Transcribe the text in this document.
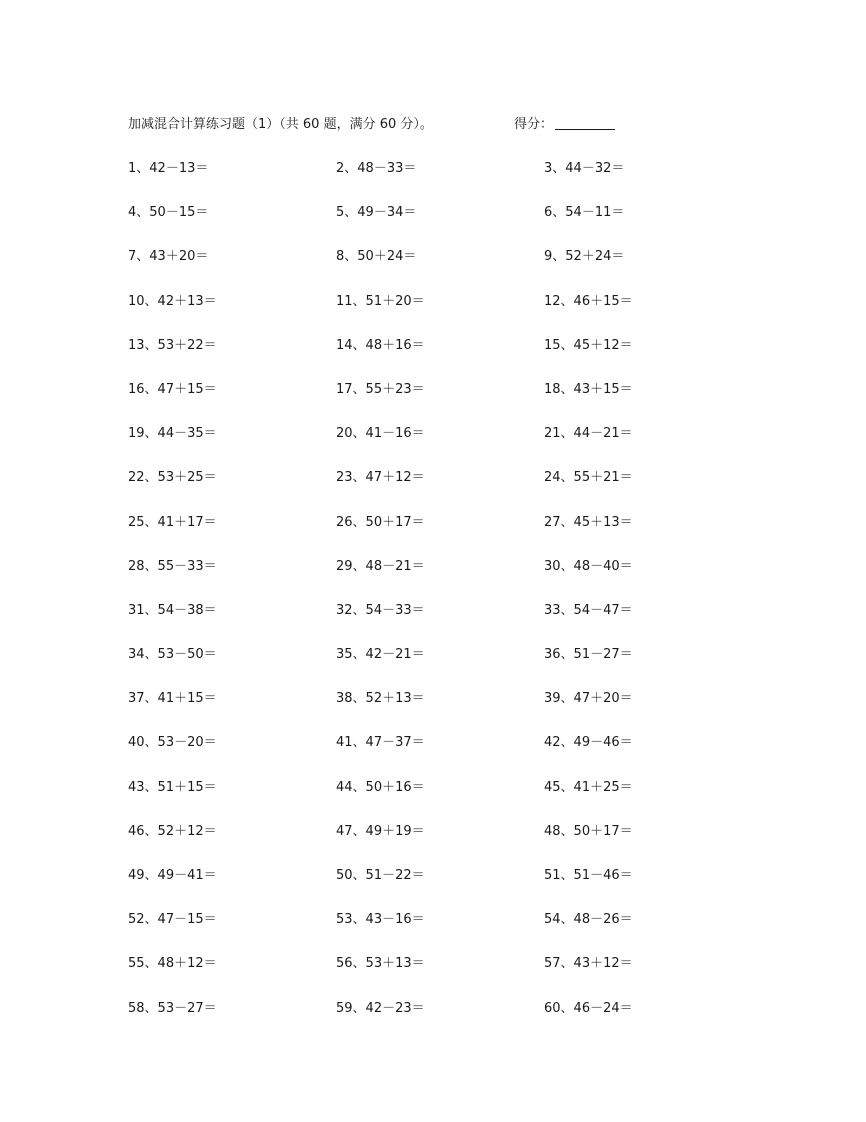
加减混合计算练习题（1）（共 60 题，满分 60 分）。	得分：
1、42－13＝	2、48－33＝	3、44－32＝
4、50－15＝	5、49－34＝	6、54－11＝
7、43＋20＝	8、50＋24＝	9、52＋24＝
10、42＋13＝	11、51＋20＝	12、46＋15＝
13、53＋22＝	14、48＋16＝	15、45＋12＝
16、47＋15＝	17、55＋23＝	18、43＋15＝
19、44－35＝	20、41－16＝	21、44－21＝
22、53＋25＝	23、47＋12＝	24、55＋21＝
25、41＋17＝	26、50＋17＝	27、45＋13＝
28、55－33＝	29、48－21＝	30、48－40＝
31、54－38＝	32、54－33＝	33、54－47＝
34、53－50＝	35、42－21＝	36、51－27＝
37、41＋15＝	38、52＋13＝	39、47＋20＝
40、53－20＝	41、47－37＝	42、49－46＝
43、51＋15＝	44、50＋16＝	45、41＋25＝
46、52＋12＝	47、49＋19＝	48、50＋17＝
49、49－41＝	50、51－22＝	51、51－46＝
52、47－15＝	53、43－16＝	54、48－26＝
55、48＋12＝	56、53＋13＝	57、43＋12＝
58、53－27＝	59、42－23＝	60、46－24＝
